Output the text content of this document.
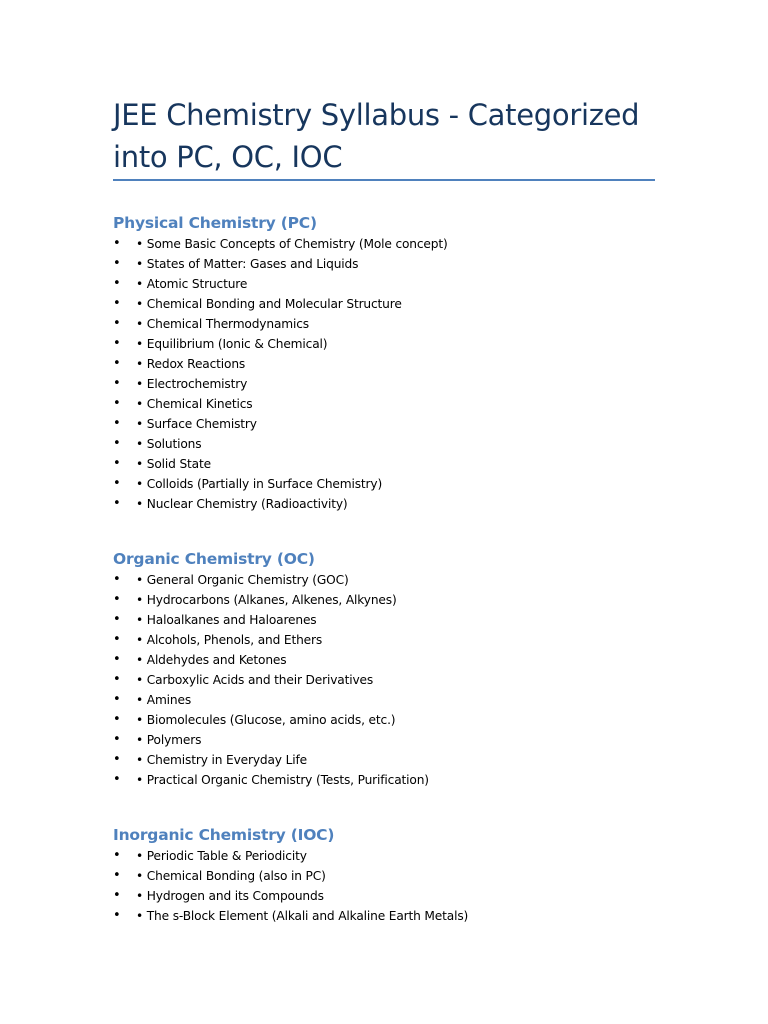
JEE Chemistry Syllabus - Categorized into PC, OC, IOC
Physical Chemistry (PC)
• • Some Basic Concepts of Chemistry (Mole concept)
• • States of Matter: Gases and Liquids
• • Atomic Structure
• • Chemical Bonding and Molecular Structure
• • Chemical Thermodynamics
• • Equilibrium (Ionic & Chemical)
• • Redox Reactions
• • Electrochemistry
• • Chemical Kinetics
• • Surface Chemistry
• • Solutions
• • Solid State
• • Colloids (Partially in Surface Chemistry)
• • Nuclear Chemistry (Radioactivity)
Organic Chemistry (OC)
• • General Organic Chemistry (GOC)
• • Hydrocarbons (Alkanes, Alkenes, Alkynes)
• • Haloalkanes and Haloarenes
• • Alcohols, Phenols, and Ethers
• • Aldehydes and Ketones
• • Carboxylic Acids and their Derivatives
• • Amines
• • Biomolecules (Glucose, amino acids, etc.)
• • Polymers
• • Chemistry in Everyday Life
• • Practical Organic Chemistry (Tests, Purification)
Inorganic Chemistry (IOC)
• • Periodic Table & Periodicity
• • Chemical Bonding (also in PC)
• • Hydrogen and its Compounds
• • The s-Block Element (Alkali and Alkaline Earth Metals)
